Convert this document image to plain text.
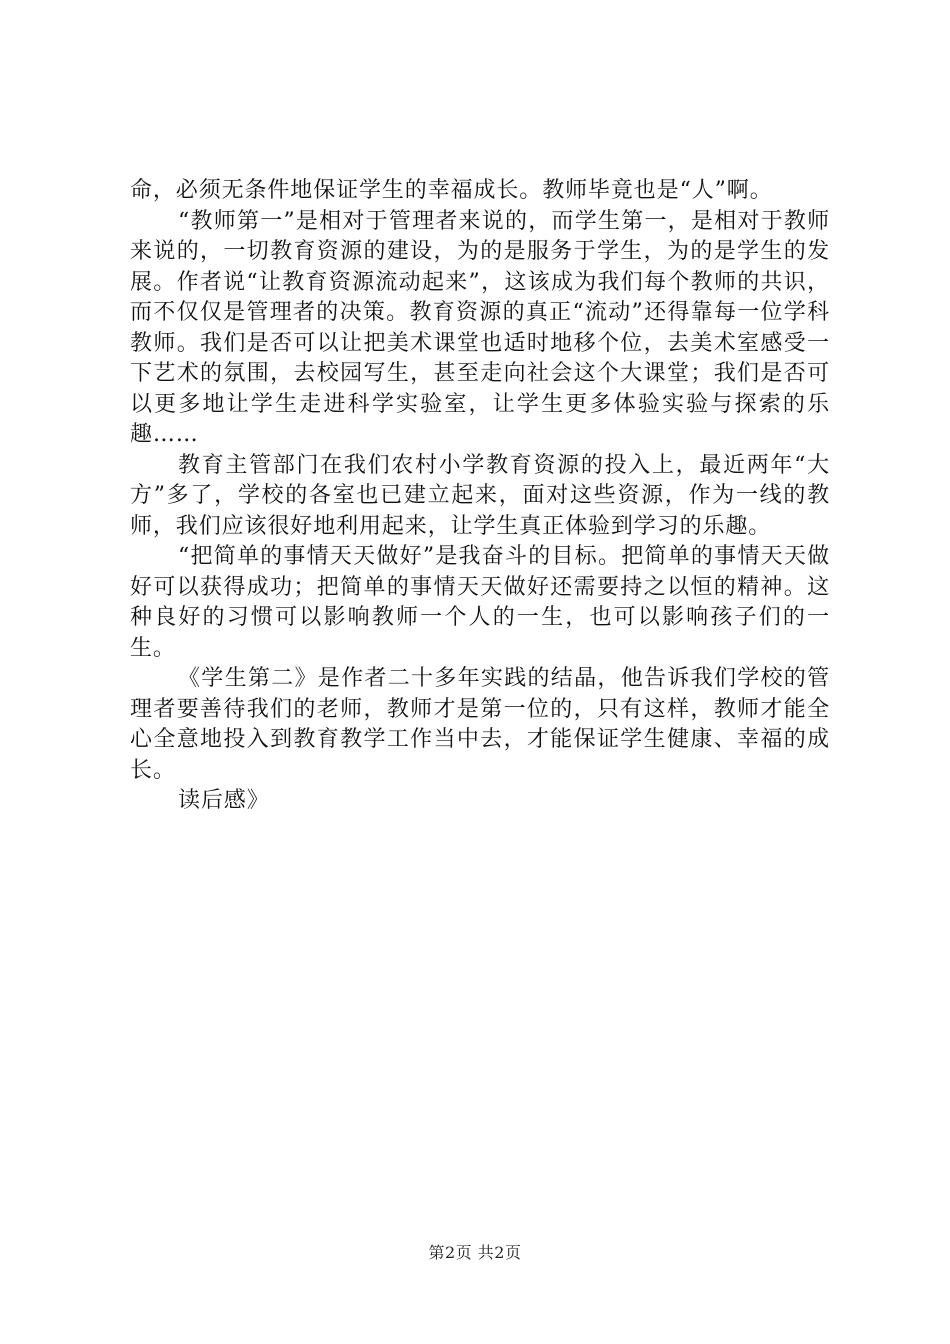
命，必须无条件地保证学生的幸福成长。教师毕竟也是“人”啊。

“教师第一”是相对于管理者来说的，而学生第一，是相对于教师来说的，一切教育资源的建设，为的是服务于学生，为的是学生的发展。作者说“让教育资源流动起来”，这该成为我们每个教师的共识，而不仅仅是管理者的决策。教育资源的真正“流动”还得靠每一位学科教师。我们是否可以让把美术课堂也适时地移个位，去美术室感受一下艺术的氛围，去校园写生，甚至走向社会这个大课堂；我们是否可以更多地让学生走进科学实验室，让学生更多体验实验与探索的乐趣……

教育主管部门在我们农村小学教育资源的投入上，最近两年“大方”多了，学校的各室也已建立起来，面对这些资源，作为一线的教师，我们应该很好地利用起来，让学生真正体验到学习的乐趣。

“把简单的事情天天做好”是我奋斗的目标。把简单的事情天天做好可以获得成功；把简单的事情天天做好还需要持之以恒的精神。这种良好的习惯可以影响教师一个人的一生，也可以影响孩子们的一生。

《学生第二》是作者二十多年实践的结晶，他告诉我们学校的管理者要善待我们的老师，教师才是第一位的，只有这样，教师才能全心全意地投入到教育教学工作当中去，才能保证学生健康、幸福的成长。

读后感》

第2页 共2页
